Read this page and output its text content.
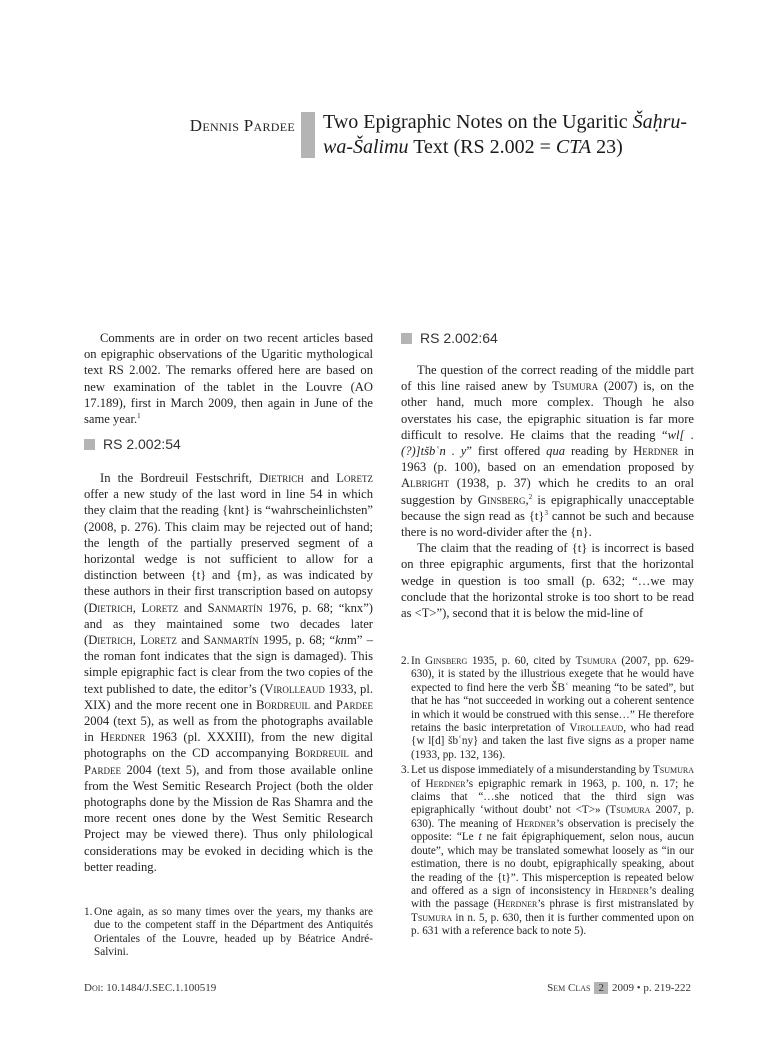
Dennis Pardee Two Epigraphic Notes on the Ugaritic Šaḥru-
wa-Šalimu Text (RS 2.002 = CTA 23)

Comments are in order on two recent articles based on epigraphic observations of the Ugaritic mythological text RS 2.002. The remarks offered here are based on new examination of the tablet in the Louvre (AO 17.189), first in March 2009, then again in June of the same year.$^1$

RS 2.002:54

In the Bordreuil Festschrift, Dietrich and Loretz offer a new study of the last word in line 54 in which they claim that the reading {knt} is “wahrscheinlichsten” (2008, p. 276). This claim may be rejected out of hand; the length of the partially preserved segment of a horizontal wedge is not sufficient to allow for a distinction between {t} and {m}, as was indicated by these authors in their first transcription based on autopsy (Dietrich, Loretz and Sanmartín 1976, p. 68; “knx”) and as they maintained some two decades later (Dietrich, Loretz and Sanmartín 1995, p. 68; “knm” – the roman font indicates that the sign is damaged). This simple epigraphic fact is clear from the two copies of the text published to date, the editor’s (Virolleaud 1933, pl. XIX) and the more recent one in Bordreuil and Pardee 2004 (text 5), as well as from the photographs available in Herdner 1963 (pl. XXXIII), from the new digital photographs on the CD accompanying Bordreuil and Pardee 2004 (text 5), and from those available online from the West Semitic Research Project (both the older photographs done by the Mission de Ras Shamra and the more recent ones done by the West Semitic Research Project may be viewed there). Thus only philological considerations may be evoked in deciding which is the better reading.

1. One again, as so many times over the years, my thanks are due to the competent staff in the Départment des Antiquités Orientales of the Louvre, headed up by Béatrice André-Salvini.
RS 2.002:64

The question of the correct reading of the middle part of this line raised anew by Tsumura (2007) is, on the other hand, much more complex. Though he also overstates his case, the epigraphic situation is far more difficult to resolve. He claims that the reading “wl[ .(?)]tšbʿn . y” first offered qua reading by Herdner in 1963 (p. 100), based on an emendation proposed by Albright (1938, p. 37) which he credits to an oral suggestion by Ginsberg,$^2$ is epigraphically unacceptable because the sign read as $\{t\}^3$ cannot be such and because there is no word-divider after the {n}.

The claim that the reading of {t} is incorrect is based on three epigraphic arguments, first that the horizontal wedge in question is too small (p. 632; “…we may conclude that the horizontal stroke is too short to be read as <T>”), second that it is below the mid-line of

2. In Ginsberg 1935, p. 60, cited by Tsumura (2007, pp. 629-630), it is stated by the illustrious exegete that he would have expected to find here the verb ŠBʿ meaning “to be sated”, but that he has “not succeeded in working out a coherent sentence in which it would be construed with this sense…” He therefore retains the basic interpretation of Virolleaud, who had read {w l[d] šbʿny} and taken the last five signs as a proper name (1933, pp. 132, 136).
3. Let us dispose immediately of a misunderstanding by Tsumura of Herdner’s epigraphic remark in 1963, p. 100, n. 17; he claims that “…she noticed that the third sign was epigraphically ‘without doubt’ not <T>» (Tsumura 2007, p. 630). The meaning of Herdner’s observation is precisely the opposite: “Le t ne fait épigraphiquement, selon nous, aucun doute”, which may be translated somewhat loosely as “in our estimation, there is no doubt, epigraphically speaking, about the reading of the {t}”. This misperception is repeated below and offered as a sign of inconsistency in Herdner’s dealing with the passage (Herdner’s phrase is first mistranslated by Tsumura in n. 5, p. 630, then it is further commented upon on p. 631 with a reference back to note 5).
Doi: 10.1484/J.SEC.1.100519	Sem Clas 2 2009 • p. 219-222
